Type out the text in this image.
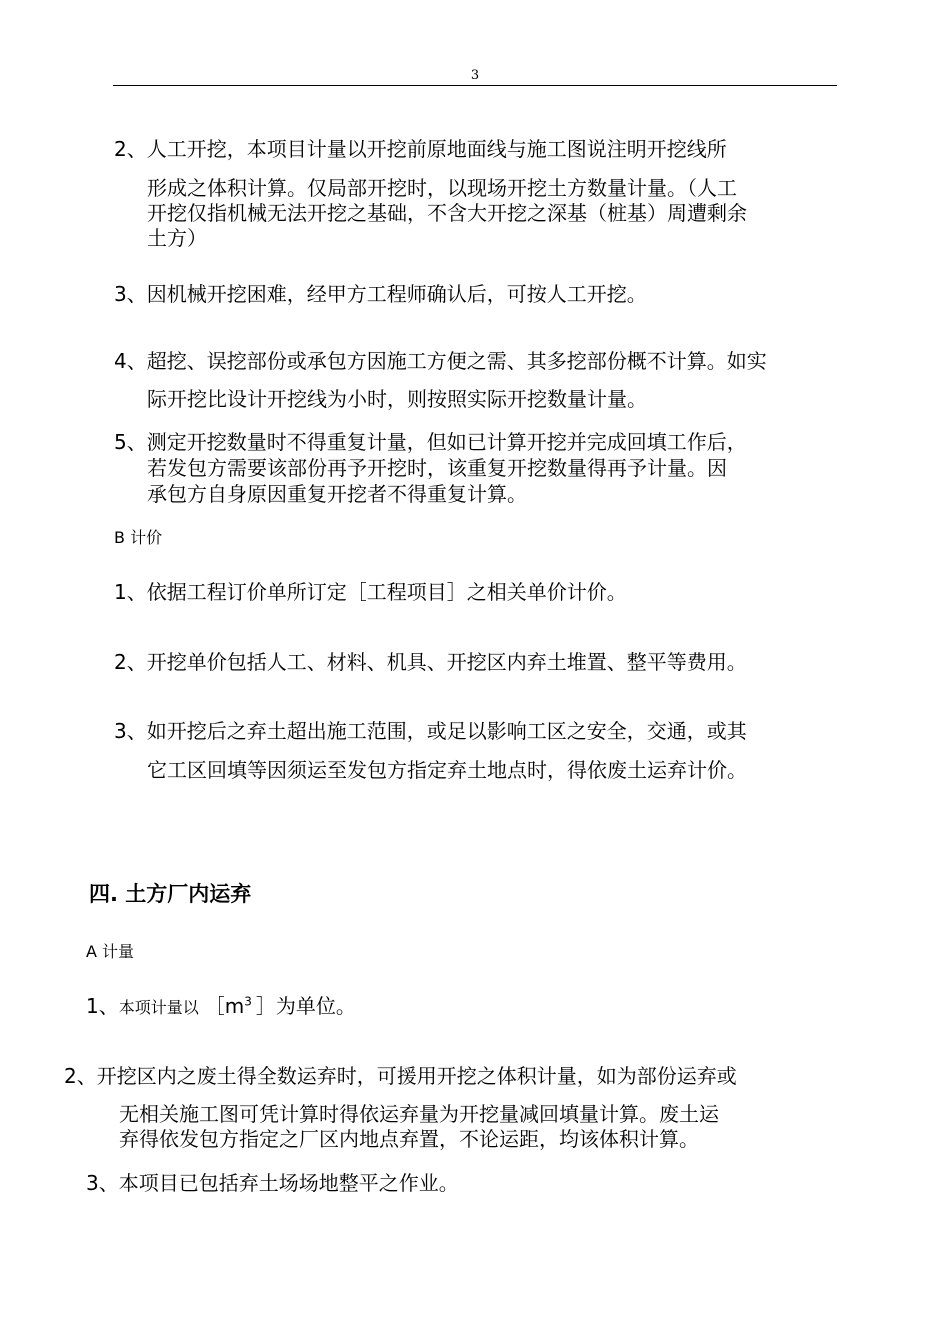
3
2、人工开挖，本项目计量以开挖前原地面线与施工图说注明开挖线所
形成之体积计算。仅局部开挖时，以现场开挖土方数量计量。（人工
开挖仅指机械无法开挖之基础，不含大开挖之深基（桩基）周遭剩余
土方）
3、因机械开挖困难，经甲方工程师确认后，可按人工开挖。
4、超挖、误挖部份或承包方因施工方便之需、其多挖部份概不计算。如实
际开挖比设计开挖线为小时，则按照实际开挖数量计量。
5、测定开挖数量时不得重复计量，但如已计算开挖并完成回填工作后，
若发包方需要该部份再予开挖时，该重复开挖数量得再予计量。因
承包方自身原因重复开挖者不得重复计算。
B 计价
1、依据工程订价单所订定［工程项目］之相关单价计价。
2、开挖单价包括人工、材料、机具、开挖区内弃土堆置、整平等费用。
3、如开挖后之弃土超出施工范围，或足以影响工区之安全，交通，或其
它工区回填等因须运至发包方指定弃土地点时，得依废土运弃计价。
四. 土方厂内运弃
A 计量
1、本项计量以 $[m^3$ ］为单位。
2、开挖区内之废土得全数运弃时，可援用开挖之体积计量，如为部份运弃或
无相关施工图可凭计算时得依运弃量为开挖量减回填量计算。废土运
弃得依发包方指定之厂区内地点弃置，不论运距，均该体积计算。
3、本项目已包括弃土场场地整平之作业。
